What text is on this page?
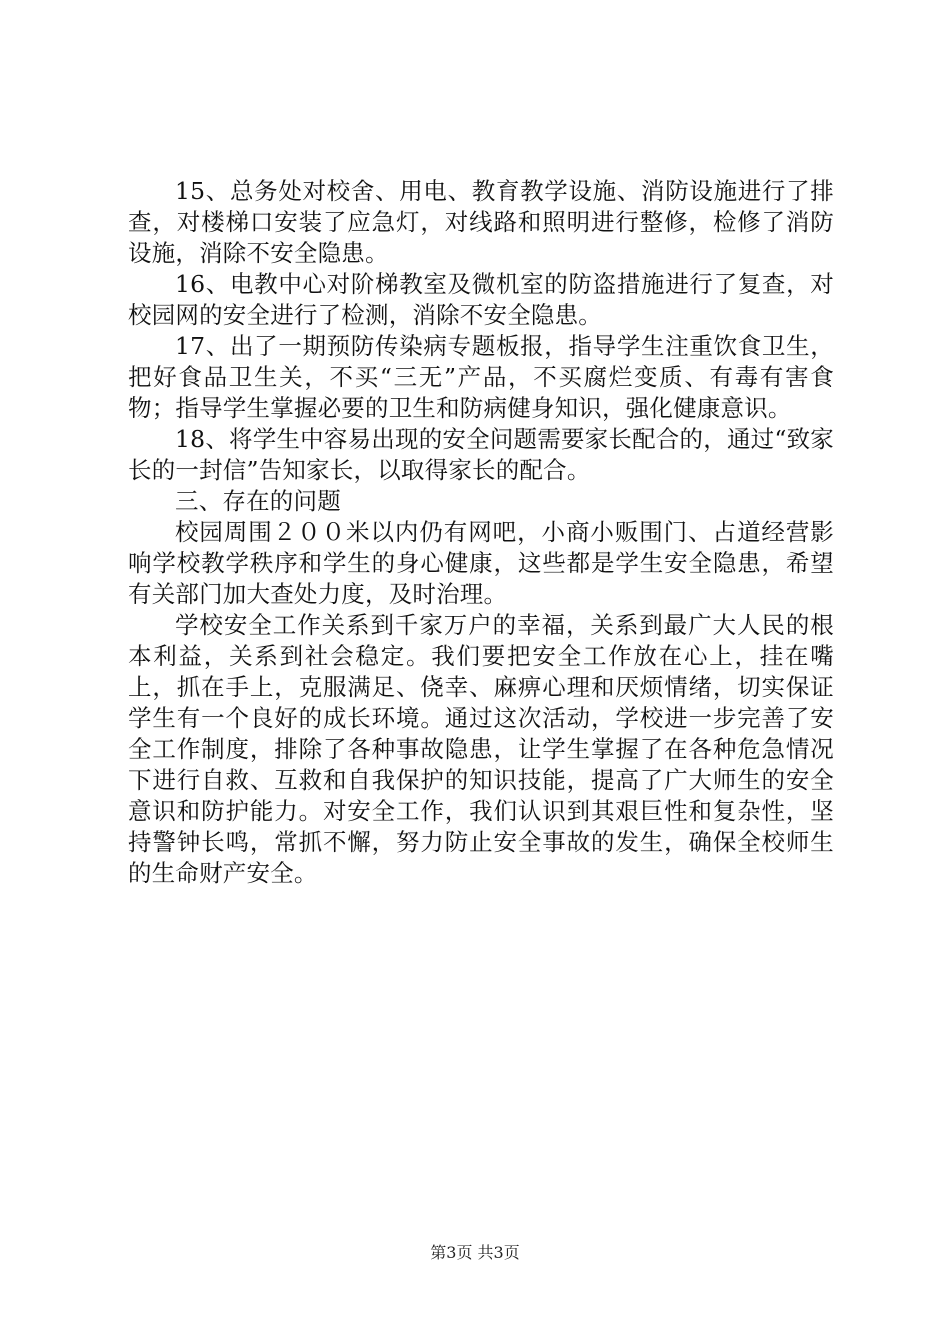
15、总务处对校舍、用电、教育教学设施、消防设施进行了排查，对楼梯口安装了应急灯，对线路和照明进行整修，检修了消防设施，消除不安全隐患。

16、电教中心对阶梯教室及微机室的防盗措施进行了复查，对校园网的安全进行了检测，消除不安全隐患。

17、出了一期预防传染病专题板报，指导学生注重饮食卫生，把好食品卫生关，不买“三无”产品，不买腐烂变质、有毒有害食物；指导学生掌握必要的卫生和防病健身知识，强化健康意识。

18、将学生中容易出现的安全问题需要家长配合的，通过“致家长的一封信”告知家长，以取得家长的配合。

三、存在的问题

校园周围２００米以内仍有网吧，小商小贩围门、占道经营影响学校教学秩序和学生的身心健康，这些都是学生安全隐患，希望有关部门加大查处力度，及时治理。

学校安全工作关系到千家万户的幸福，关系到最广大人民的根本利益，关系到社会稳定。我们要把安全工作放在心上，挂在嘴上，抓在手上，克服满足、侥幸、麻痹心理和厌烦情绪，切实保证学生有一个良好的成长环境。通过这次活动，学校进一步完善了安全工作制度，排除了各种事故隐患，让学生掌握了在各种危急情况下进行自救、互救和自我保护的知识技能，提高了广大师生的安全意识和防护能力。对安全工作，我们认识到其艰巨性和复杂性，坚持警钟长鸣，常抓不懈，努力防止安全事故的发生，确保全校师生的生命财产安全。

第3页 共3页
